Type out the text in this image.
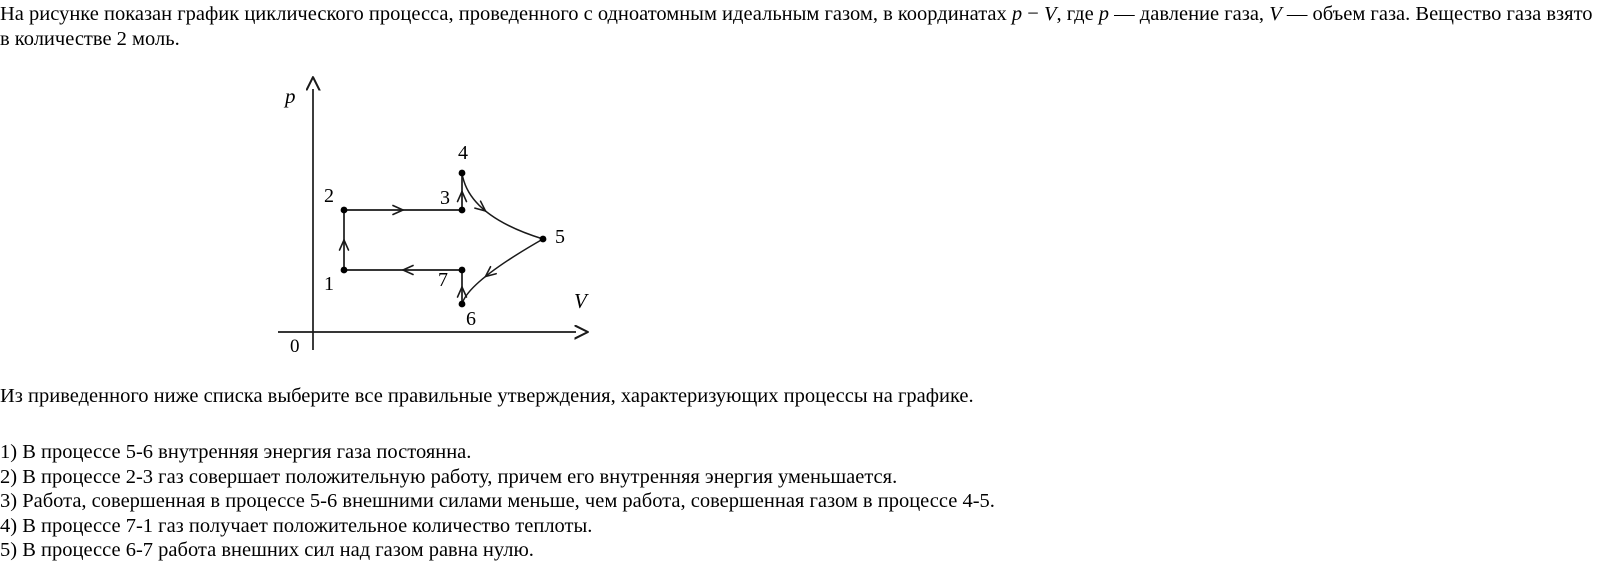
На рисунке показан график циклического процесса, проведенного с одноатомным идеальным газом, в координатах p − V, где p — давление газа, V — объем газа. Вещество газа взято в количестве 2 моль.
p
V
0
1
2	3
4
5
6
7
Из приведенного ниже списка выберите все правильные утверждения, характеризующих процессы на графике.
1) В процессе 5-6 внутренняя энергия газа постоянна.
2) В процессе 2-3 газ совершает положительную работу, причем его внутренняя энергия уменьшается.
3) Работа, совершенная в процессе 5-6 внешними силами меньше, чем работа, совершенная газом в процессе 4-5.
4) В процессе 7-1 газ получает положительное количество теплоты.
5) В процессе 6-7 работа внешних сил над газом равна нулю.
